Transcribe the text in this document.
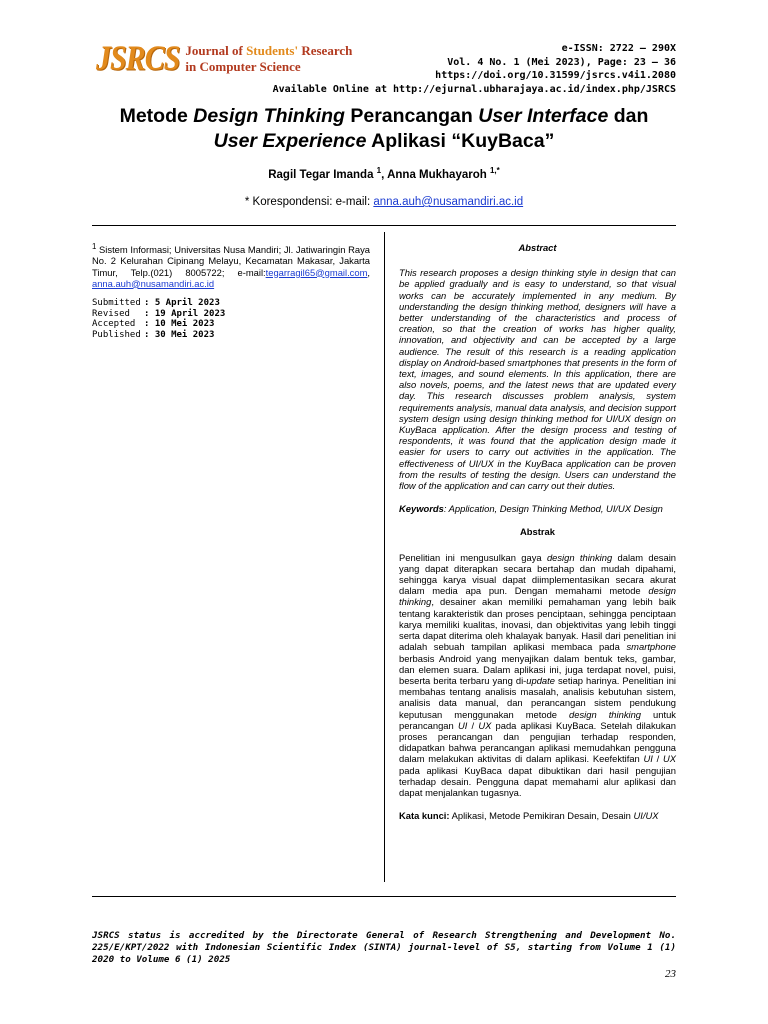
JSRCS Journal of Students' Research
in Computer Science
e-ISSN: 2722 – 290X
Vol. 4 No. 1 (Mei 2023), Page: 23 – 36
https://doi.org/10.31599/jsrcs.v4i1.2080
Available Online at http://ejurnal.ubharajaya.ac.id/index.php/JSRCS
Metode Design Thinking Perancangan User Interface dan
User Experience Aplikasi “KuyBaca”
Ragil Tegar Imanda $^1$, Anna Mukhayaroh $^{1,*}$
* Korespondensi: e-mail: anna.auh@nusamandiri.ac.id
$^1$ Sistem Informasi; Universitas Nusa Mandiri; Jl. Jatiwaringin Raya No. 2 Kelurahan Cipinang Melayu, Kecamatan Makasar, Jakarta Timur, Telp.(021) 8005722; e-mail:tegarragil65@gmail.com, anna.auh@nusamandiri.ac.id
Submitted : 5 April 2023
Revised	: 19 April 2023
Accepted : 10 Mei 2023
Published : 30 Mei 2023
Abstract

This research proposes a design thinking style in design that can be applied gradually and is easy to understand, so that visual works can be accurately implemented in any medium. By understanding the design thinking method, designers will have a better understanding of the characteristics and process of creation, so that the creation of works has higher quality, innovation, and objectivity and can be accepted by a large audience. The result of this research is a reading application display on Android-based smartphones that presents in the form of text, images, and sound elements. In this application, there are also novels, poems, and the latest news that are updated every day. This research discusses problem analysis, system requirements analysis, manual data analysis, and decision support system design using design thinking method for UI/UX design on KuyBaca application. After the design process and testing of respondents, it was found that the application design made it easier for users to carry out activities in the application. The effectiveness of UI/UX in the KuyBaca application can be proven from the results of testing the design. Users can understand the flow of the application and can carry out their duties.

Keywords: Application, Design Thinking Method, UI/UX Design

Abstrak

Penelitian ini mengusulkan gaya design thinking dalam desain yang dapat diterapkan secara bertahap dan mudah dipahami, sehingga karya visual dapat diimplementasikan secara akurat dalam media apa pun. Dengan memahami metode design thinking, desainer akan memiliki pemahaman yang lebih baik tentang karakteristik dan proses penciptaan, sehingga penciptaan karya memiliki kualitas, inovasi, dan objektivitas yang lebih tinggi serta dapat diterima oleh khalayak banyak. Hasil dari penelitian ini adalah sebuah tampilan aplikasi membaca pada smartphone berbasis Android yang menyajikan dalam bentuk teks, gambar, dan elemen suara. Dalam aplikasi ini, juga terdapat novel, puisi, beserta berita terbaru yang di-update setiap harinya. Penelitian ini membahas tentang analisis masalah, analisis kebutuhan sistem, analisis data manual, dan perancangan sistem pendukung keputusan menggunakan metode design thinking untuk perancangan UI / UX pada aplikasi KuyBaca. Setelah dilakukan proses perancangan dan pengujian terhadap responden, didapatkan bahwa perancangan aplikasi memudahkan pengguna dalam melakukan aktivitas di dalam aplikasi. Keefektifan UI / UX pada aplikasi KuyBaca dapat dibuktikan dari hasil pengujian terhadap desain. Pengguna dapat memahami alur aplikasi dan dapat menjalankan tugasnya.

Kata kunci: Aplikasi, Metode Pemikiran Desain, Desain UI/UX

JSRCS status is accredited by the Directorate General of Research Strengthening and Development No. 225/E/KPT/2022 with Indonesian Scientific Index (SINTA) journal-level of S5, starting from Volume 1 (1) 2020 to Volume 6 (1) 2025
23
